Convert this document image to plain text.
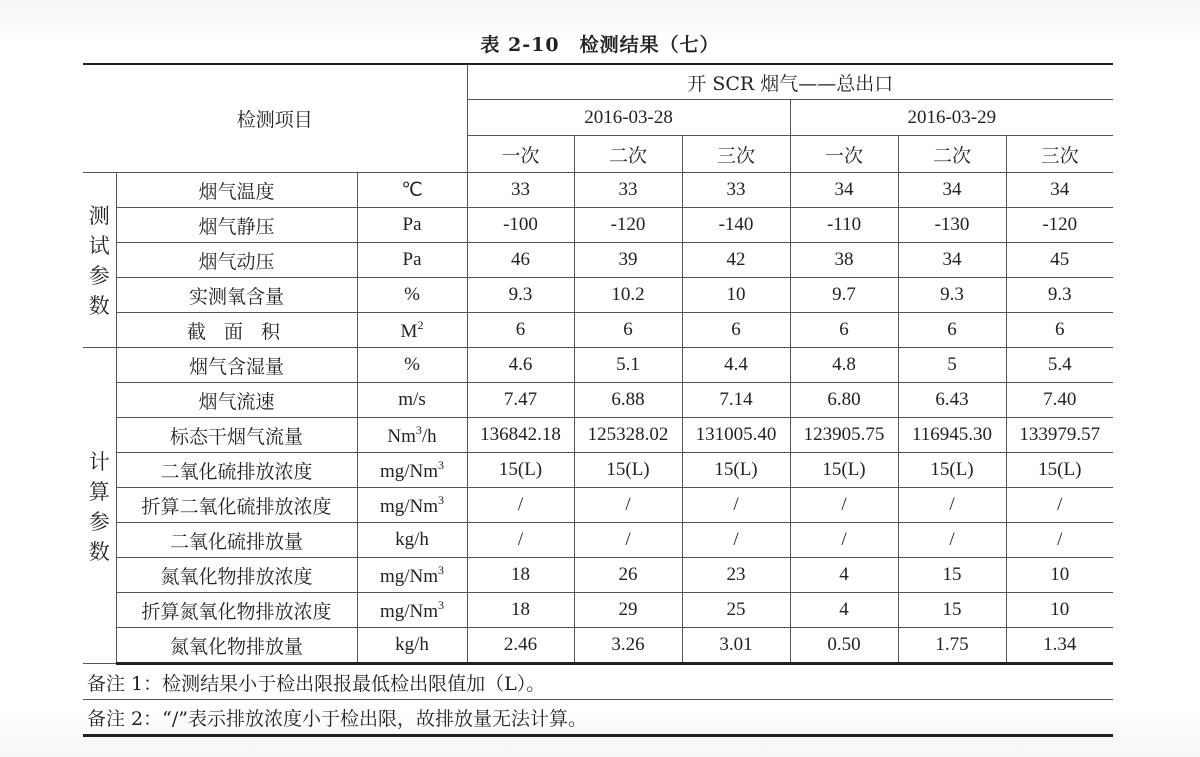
表 2-10　检测结果（七）
检测项目			开 SCR 烟气——总出口					
			2016-03-28			2016-03-29		
			一次	二次	三次	一次	二次	三次
测试参数	烟气温度	℃	33	33	33	34	34	34
	烟气静压	Pa	-100	-120	-140	-110	-130	-120
	烟气动压	Pa	46	39	42	38	34	45
	实测氧含量	%	9.3	10.2	10	9.7	9.3	9.3
	截 面 积	$M^2$	6	6	6	6	6	6
计算参数	烟气含湿量	%	4.6	5.1	4.4	4.8	5	5.4
	烟气流速	m/s	7.47	6.88	7.14	6.80	6.43	7.40
	标态干烟气流量	Nm$^3$/h	136842.18	125328.02	131005.40	123905.75	116945.30	133979.57
	二氧化硫排放浓度	mg/Nm$^3$	15(L)	15(L)	15(L)	15(L)	15(L)	15(L)
	折算二氧化硫排放浓度	mg/Nm$^3$	/	/	/	/	/	/
	二氧化硫排放量	kg/h	/	/	/	/	/	/
	氮氧化物排放浓度	mg/Nm$^3$	18	26	23	4	15	10
	折算氮氧化物排放浓度	mg/Nm$^3$	18	29	25	4	15	10
	氮氧化物排放量	kg/h	2.46	3.26	3.01	0.50	1.75	1.34
备注 1：检测结果小于检出限报最低检出限值加（L）。								
备注 2：“/”表示排放浓度小于检出限，故排放量无法计算。								
